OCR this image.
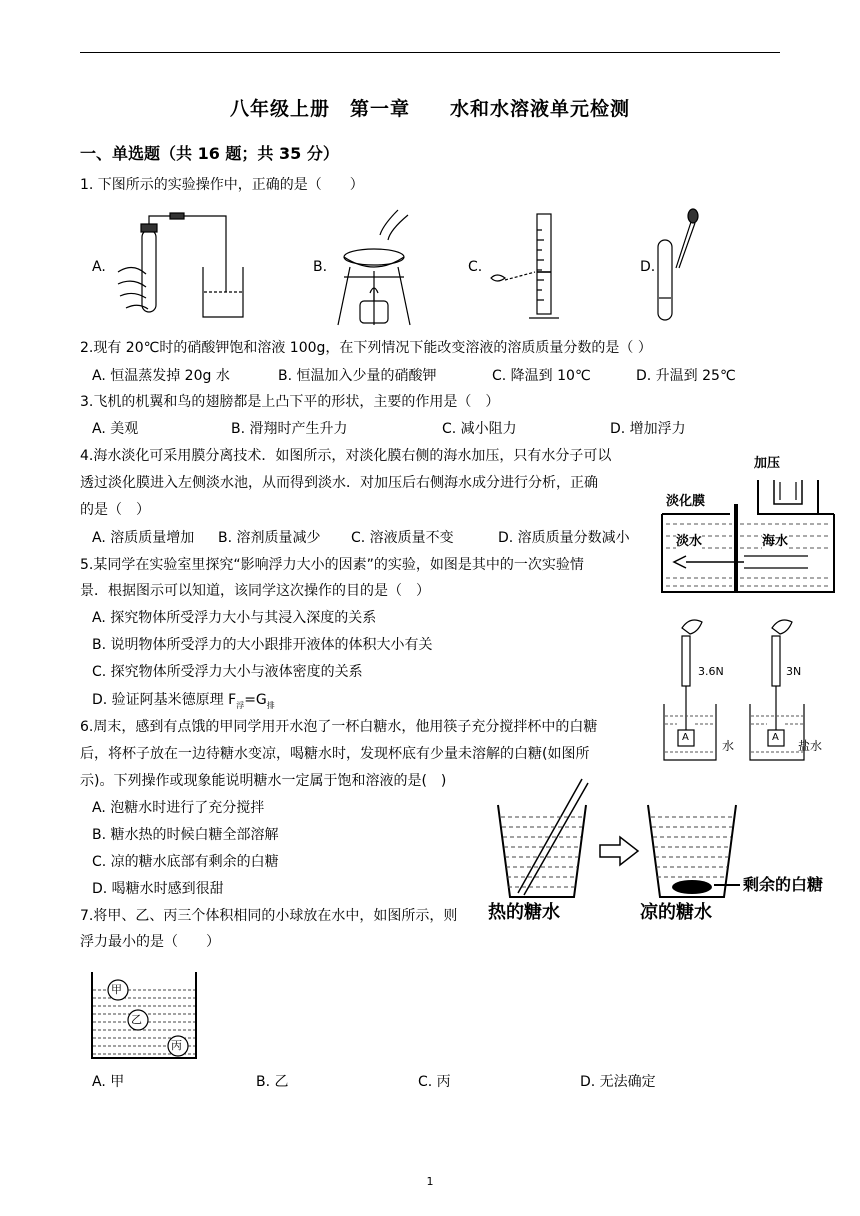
八年级上册　第一章　　水和水溶液单元检测
一、单选题（共 16 题；共 35 分）
1. 下图所示的实验操作中，正确的是（　　）
A.	B.	C.	D.
2.现有 20℃时的硝酸钾饱和溶液 100g，在下列情况下能改变溶液的溶质质量分数的是（ ）
A. 恒温蒸发掉 20g 水	B. 恒温加入少量的硝酸钾	C. 降温到 10℃	D. 升温到 25℃
3.飞机的机翼和鸟的翅膀都是上凸下平的形状，主要的作用是（　）
A. 美观	B. 滑翔时产生升力	C. 减小阻力	D. 增加浮力
4.海水淡化可采用膜分离技术．如图所示，对淡化膜右侧的海水加压，只有水分子可以
透过淡化膜进入左侧淡水池，从而得到淡水．对加压后右侧海水成分进行分析，正确
的是（　）
A. 溶质质量增加 B. 溶剂质量减少 C. 溶液质量不变	D. 溶质质量分数减小
加压
淡化膜
淡水	海水
5.某同学在实验室里探究“影响浮力大小的因素”的实验，如图是其中的一次实验情
景．根据图示可以知道，该同学这次操作的目的是（　）
A. 探究物体所受浮力大小与其浸入深度的关系
B. 说明物体所受浮力的大小跟排开液体的体积大小有关
C. 探究物体所受浮力大小与液体密度的关系
D. 验证阿基米德原理 $F_浮=G_排$
3.6N	3N
A	A
水	盐水
6.周末，感到有点饿的甲同学用开水泡了一杯白糖水，他用筷子充分搅拌杯中的白糖
后，将杯子放在一边待糖水变凉，喝糖水时，发现杯底有少量未溶解的白糖(如图所
示)。下列操作或现象能说明糖水一定属于饱和溶液的是(　)
A. 泡糖水时进行了充分搅拌
B. 糖水热的时候白糖全部溶解
C. 凉的糖水底部有剩余的白糖
D. 喝糖水时感到很甜	剩余的白糖
热的糖水	凉的糖水
7.将甲、乙、丙三个体积相同的小球放在水中，如图所示，则
浮力最小的是（　　）
甲
乙
丙
A. 甲	B. 乙	C. 丙	D. 无法确定
1
